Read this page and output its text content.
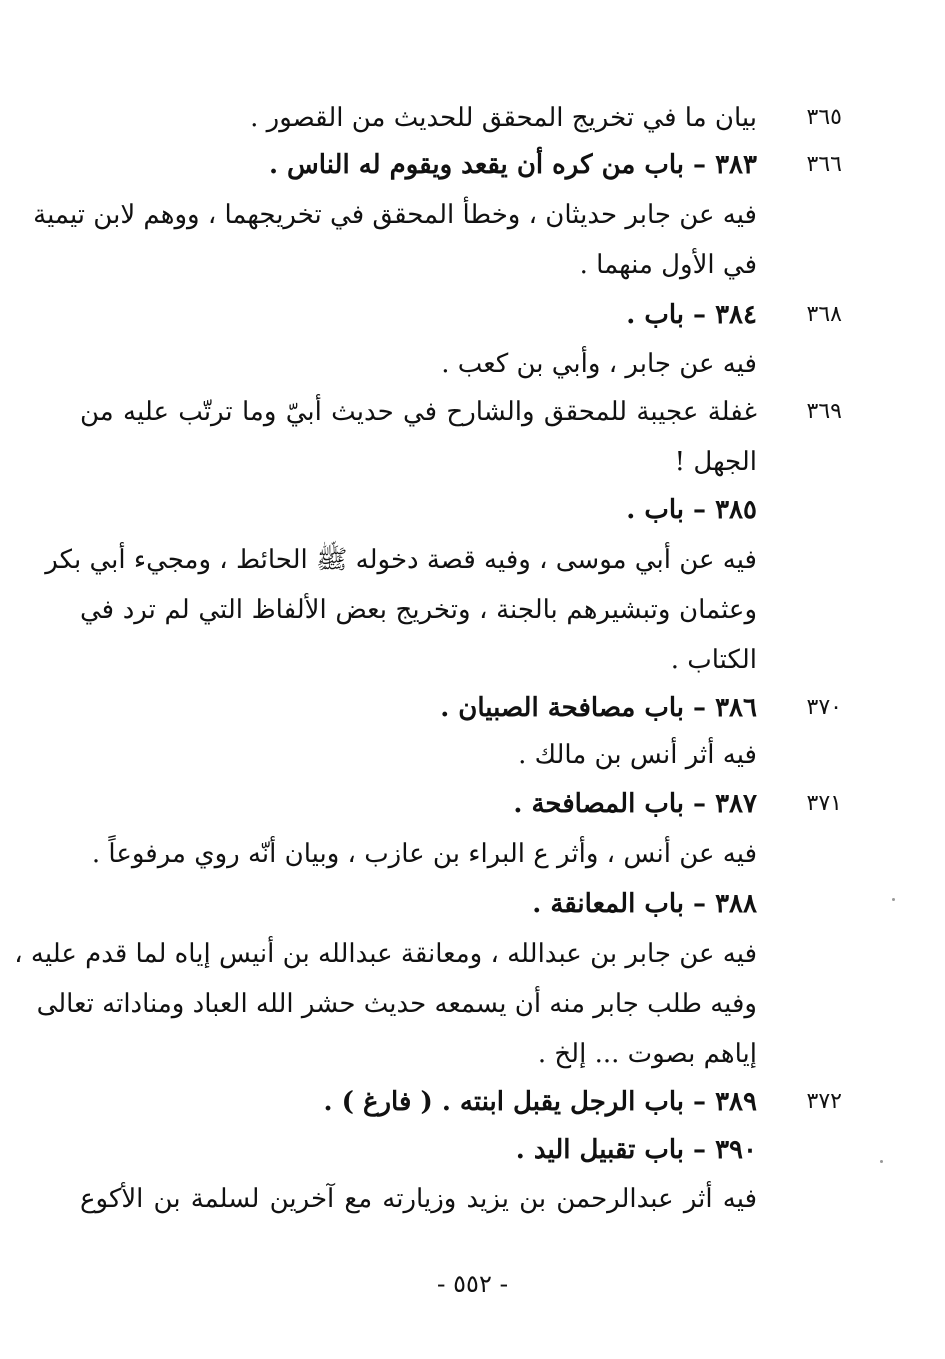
٣٦٥
بيان ما في تخريج المحقق للحديث من القصور .
٣٦٦
٣٨٣ – باب من كره أن يقعد ويقوم له الناس .
فيه عن جابر حديثان ، وخطأ المحقق في تخريجهما ، ووهم لابن تيمية
في الأول منهما .
٣٦٨
٣٨٤ – باب .
فيه عن جابر ، وأبي بن كعب .
٣٦٩
غفلة عجيبة للمحقق والشارح في حديث أبيّ وما ترتّب عليه من
الجهل !
٣٨٥ – باب .
فيه عن أبي موسى ، وفيه قصة دخوله ﷺ الحائط ، ومجيء أبي بكر
وعثمان وتبشيرهم بالجنة ، وتخريج بعض الألفاظ التي لم ترد في
الكتاب .
٣٧٠
٣٨٦ – باب مصافحة الصبيان .
فيه أثر أنس بن مالك .
٣٧١
٣٨٧ – باب المصافحة .
فيه عن أنس ، وأثر ع البراء بن عازب ، وبيان أنّه روي مرفوعاً .
٣٨٨ – باب المعانقة .
فيه عن جابر بن عبدالله ، ومعانقة عبدالله بن أنيس إياه لما قدم عليه ،
وفيه طلب جابر منه أن يسمعه حديث حشر الله العباد ومناداته تعالى
إياهم بصوت ... إلخ .
٣٧٢
٣٨٩ – باب الرجل يقبل ابنته . ( فارغ ) .
٣٩٠ – باب تقبيل اليد .
فيه أثر عبدالرحمن بن يزيد وزيارته مع آخرين لسلمة بن الأكوع
- ٥٥٢ -
